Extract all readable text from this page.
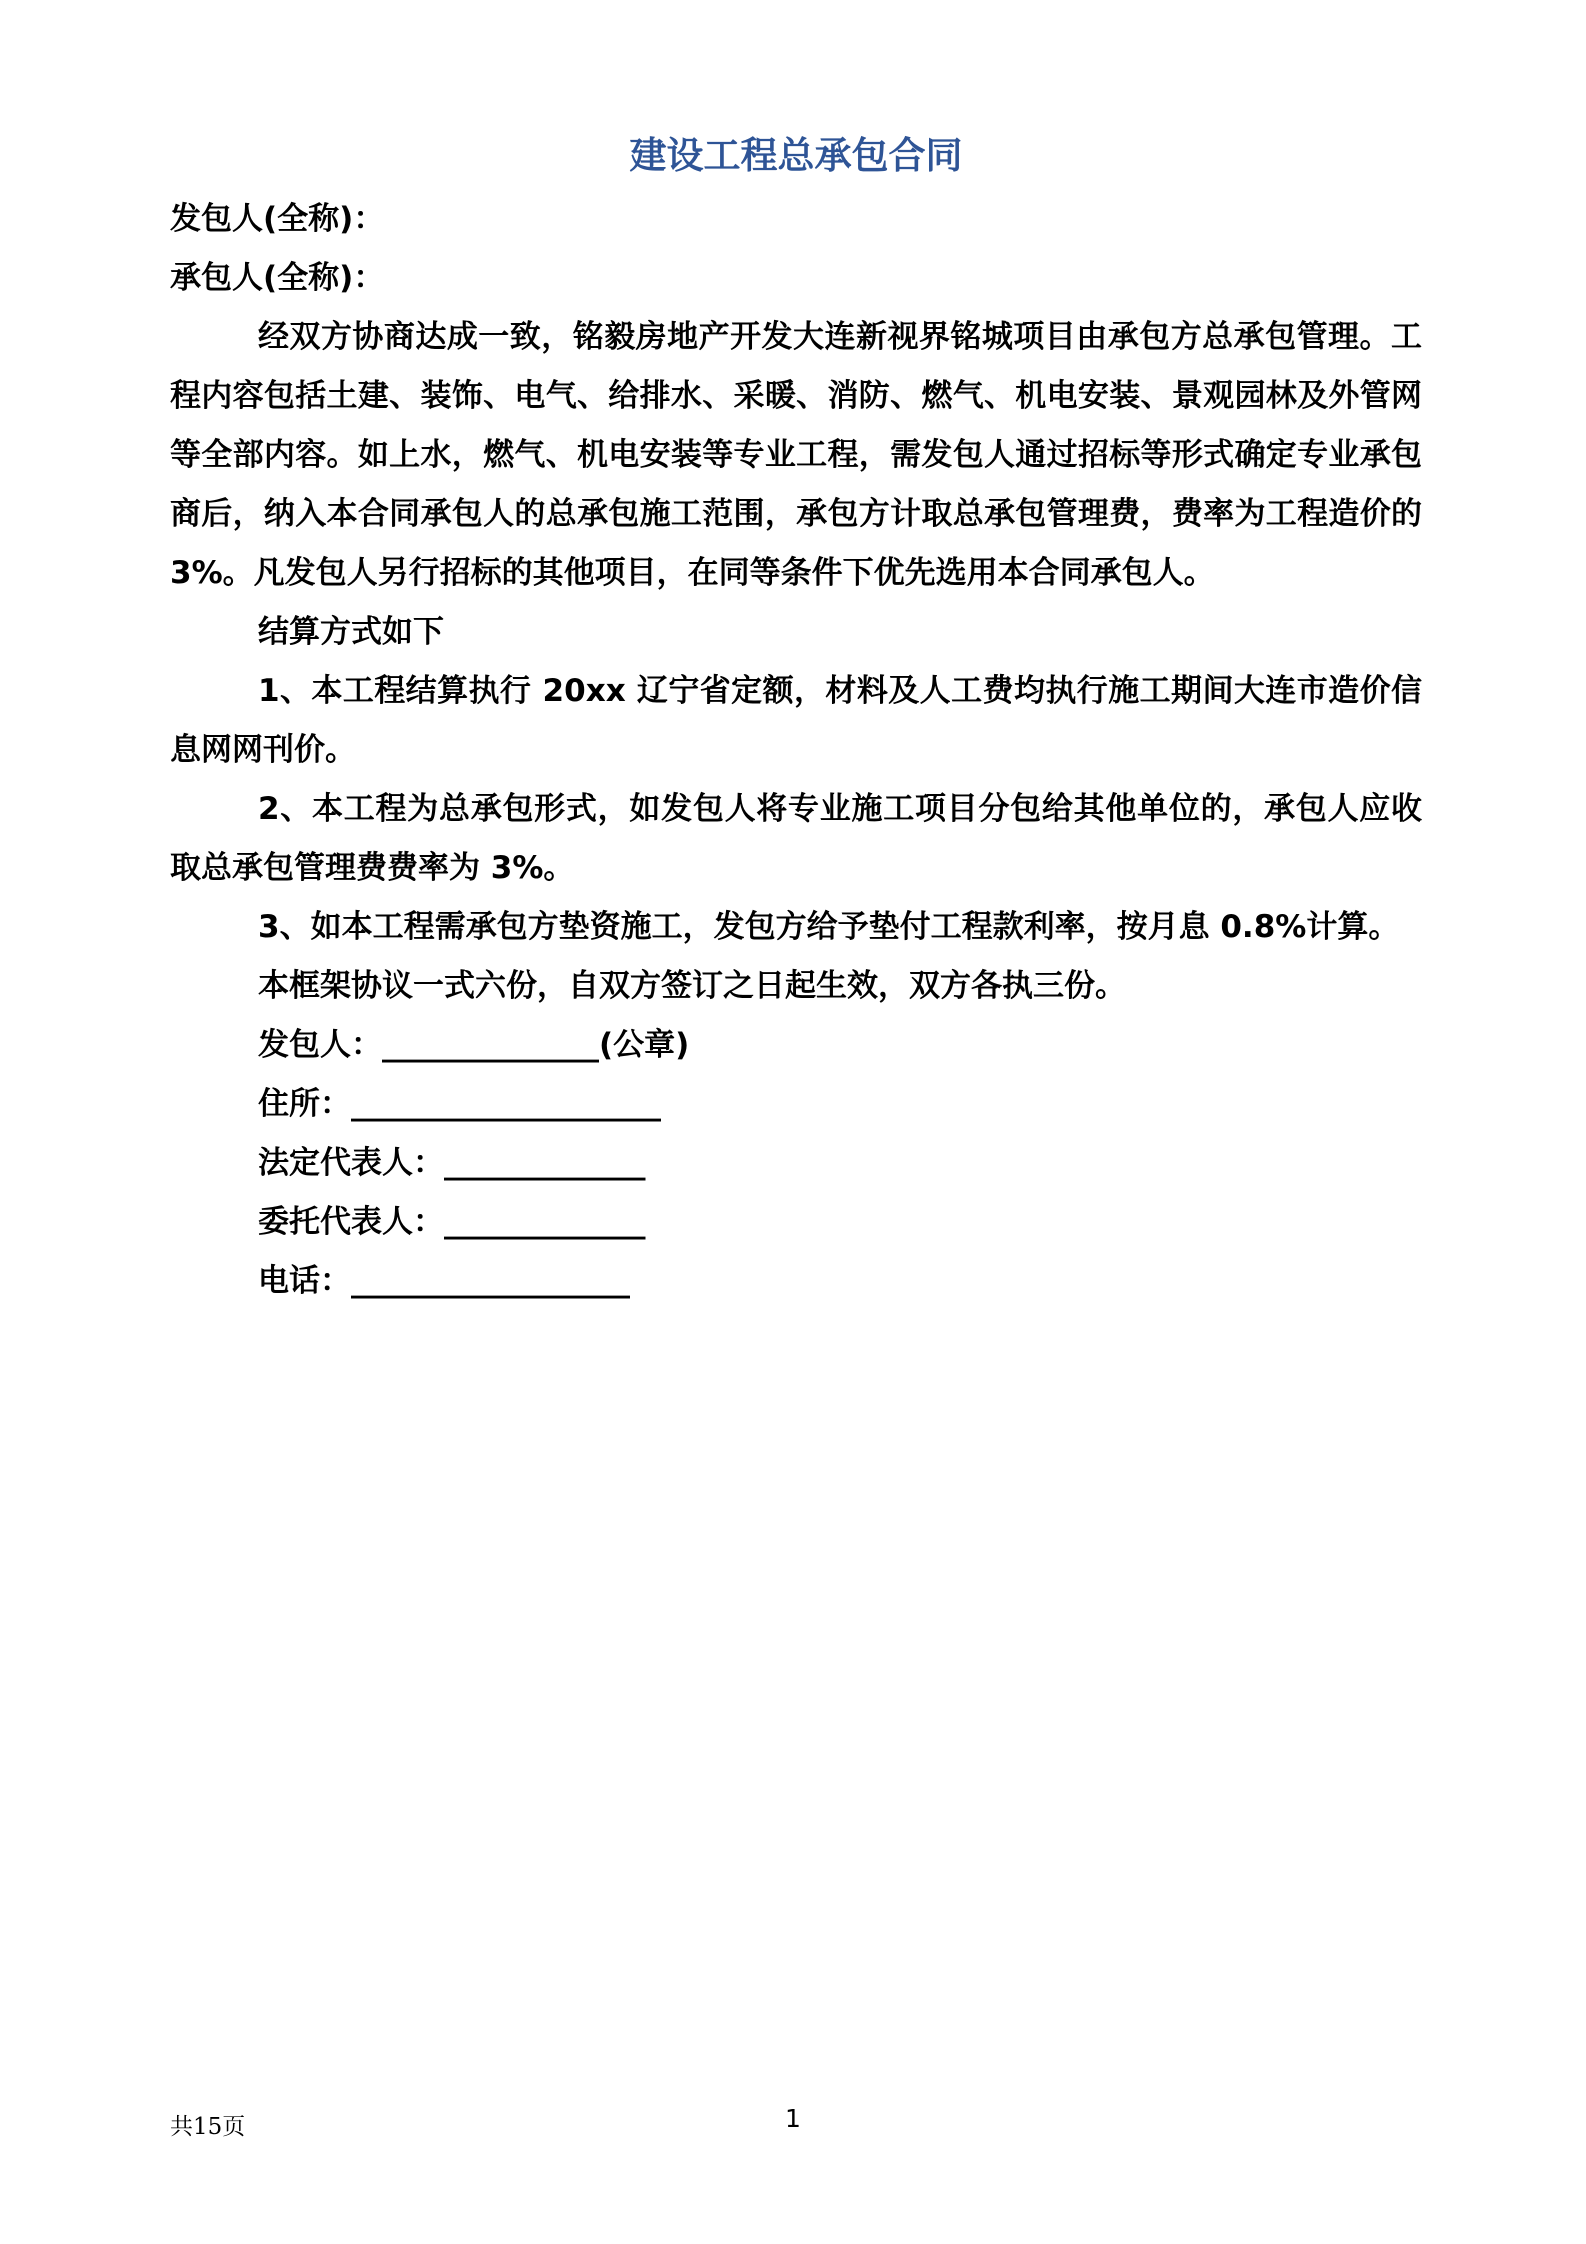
建设工程总承包合同

发包人(全称)：

承包人(全称)：

经双方协商达成一致，铭毅房地产开发大连新视界铭城项目由承包方总承包管理。工程内容包括土建、装饰、电气、给排水、采暖、消防、燃气、机电安装、景观园林及外管网等全部内容。如上水，燃气、机电安装等专业工程，需发包人通过招标等形式确定专业承包商后，纳入本合同承包人的总承包施工范围，承包方计取总承包管理费，费率为工程造价的 3%。凡发包人另行招标的其他项目，在同等条件下优先选用本合同承包人。

结算方式如下

1、本工程结算执行 20xx 辽宁省定额，材料及人工费均执行施工期间大连市造价信息网网刊价。

2、本工程为总承包形式，如发包人将专业施工项目分包给其他单位的，承包人应收取总承包管理费费率为 3%。

3、如本工程需承包方垫资施工，发包方给予垫付工程款利率，按月息 0.8%计算。

本框架协议一式六份，自双方签订之日起生效，双方各执三份。

发包人：______________(公章)

住所：____________________

法定代表人：_____________

委托代表人：_____________

电话：__________________

共15页	1
